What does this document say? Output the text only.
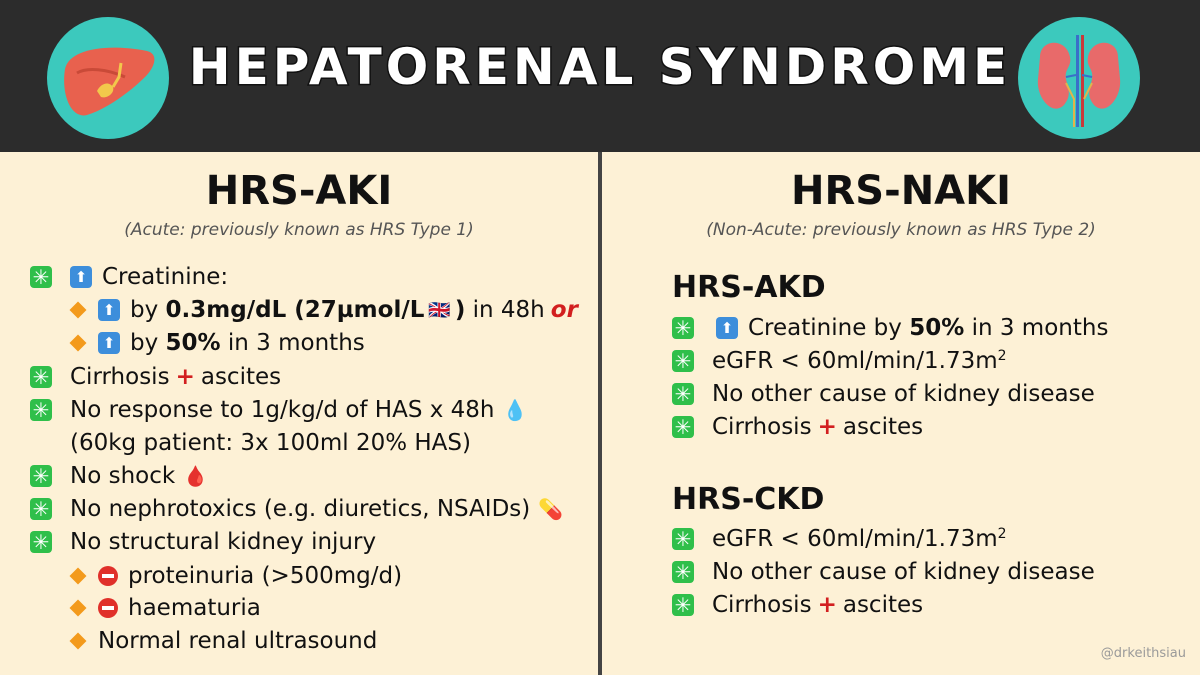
HEPATORENAL SYNDROME
HRS-AKI
(Acute: previously known as HRS Type 1)
✳	⬆ Creatinine:
⬆ by 0.3mg/dL (27µmol/L 🇬🇧 ) in 48h or
⬆ by 50% in 3 months
✳ Cirrhosis + ascites
✳ No response to 1g/kg/d of HAS x 48h 💧
(60kg patient: 3x 100ml 20% HAS)
✳ No shock 🩸
✳ No nephrotoxics (e.g. diuretics, NSAIDs) 💊
✳ No structural kidney injury
proteinuria (>500mg/d)
haematuria
Normal renal ultrasound
HRS-NAKI
(Non-Acute: previously known as HRS Type 2)
HRS-AKD
✳	⬆ Creatinine by 50% in 3 months
✳ eGFR < $60ml/\min/1.73m^2$
✳ No other cause of kidney disease
✳ Cirrhosis + ascites
HRS-CKD
✳ eGFR < $60ml/\min/1.73m^2$
✳ No other cause of kidney disease
✳ Cirrhosis + ascites
@drkeithsiau
